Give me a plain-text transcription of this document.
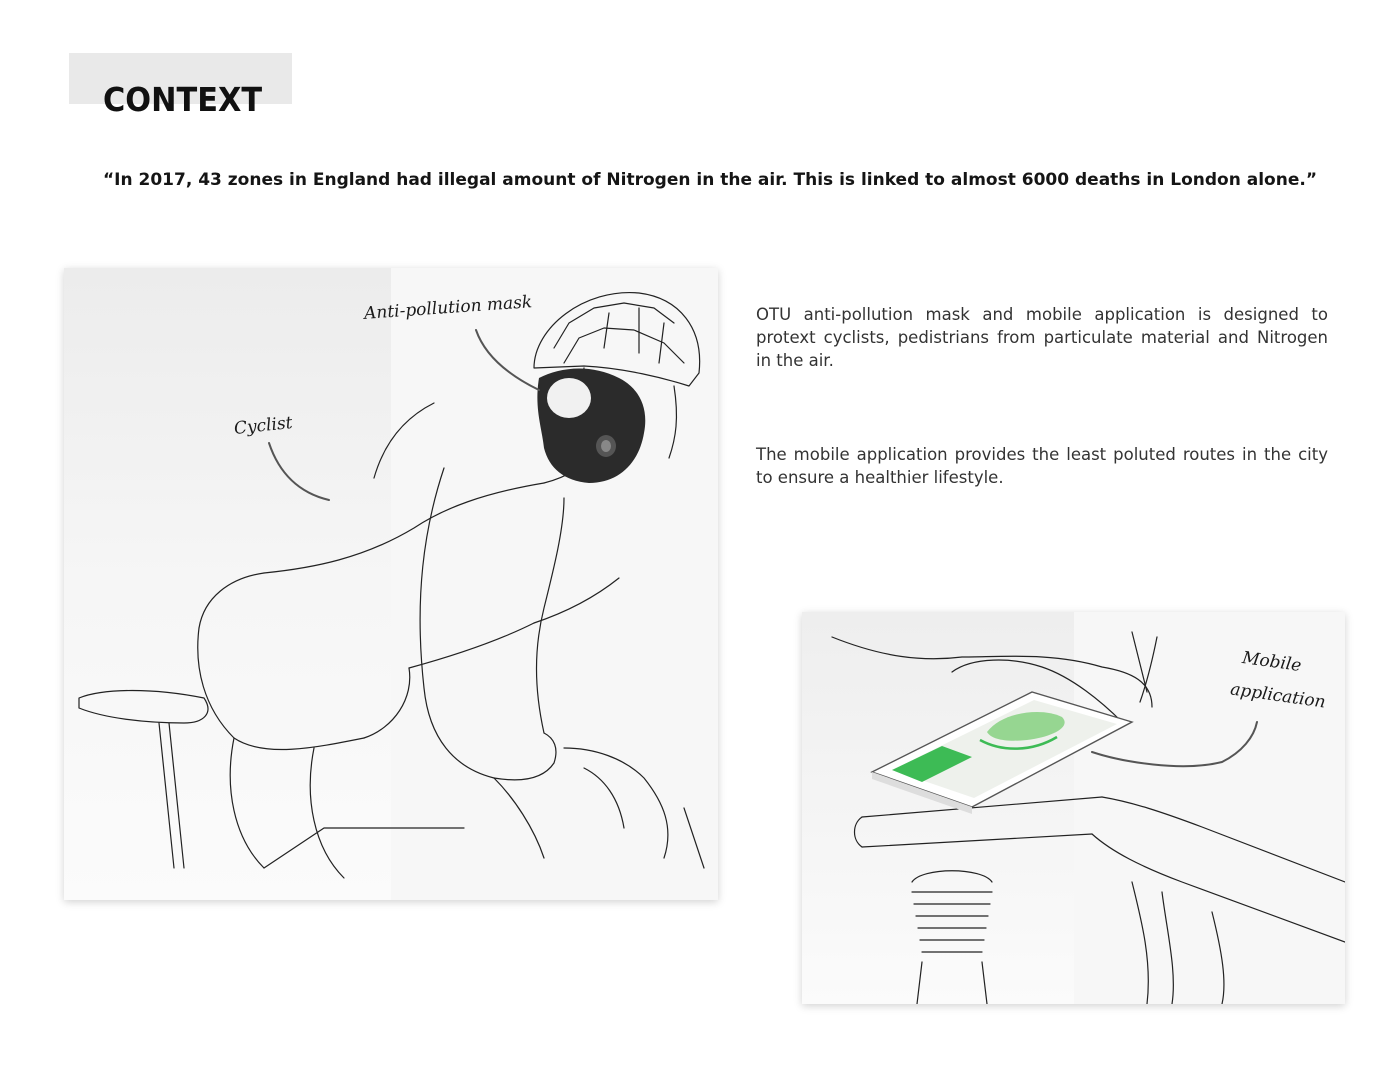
CONTEXT

“In 2017, 43 zones in England had illegal amount of Nitrogen in the air. This is linked to almost 6000 deaths in London alone.”

Anti-pollution mask

Cyclist

OTU anti-pollution mask and mobile application is designed to protext cyclists, pedistrians from particulate material and Nitrogen in the air.

The mobile application provides the least poluted routes in the city to ensure a healthier lifestyle.

Mobile

application
